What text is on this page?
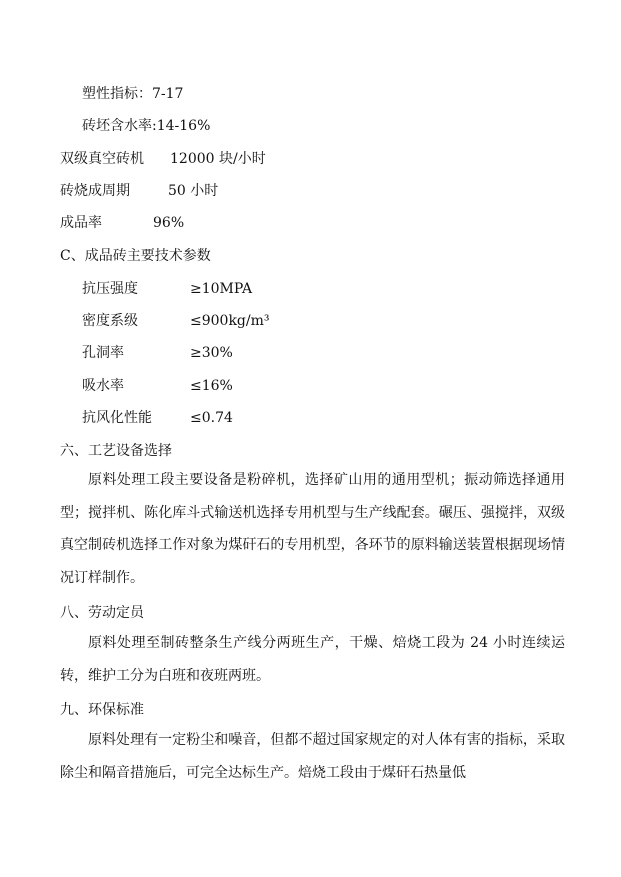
塑性指标：7-17
砖坯含水率:14-16%
双级真空砖机 12000 块/小时
砖烧成周期	50 小时
成品率	96%
C、成品砖主要技术参数
抗压强度	≥10MPA
密度系级	≤900kg/m³
孔洞率	≥30%
吸水率	≤16%
抗风化性能	≤0.74
六、工艺设备选择

原料处理工段主要设备是粉碎机，选择矿山用的通用型机；振动筛选择通用型；搅拌机、陈化库斗式输送机选择专用机型与生产线配套。碾压、强搅拌，双级真空制砖机选择工作对象为煤矸石的专用机型，各环节的原料输送装置根据现场情况订样制作。

八、劳动定员

原料处理至制砖整条生产线分两班生产，干燥、焙烧工段为 24 小时连续运转，维护工分为白班和夜班两班。

九、环保标准

原料处理有一定粉尘和噪音，但都不超过国家规定的对人体有害的指标，采取除尘和隔音措施后，可完全达标生产。焙烧工段由于煤矸石热量低
